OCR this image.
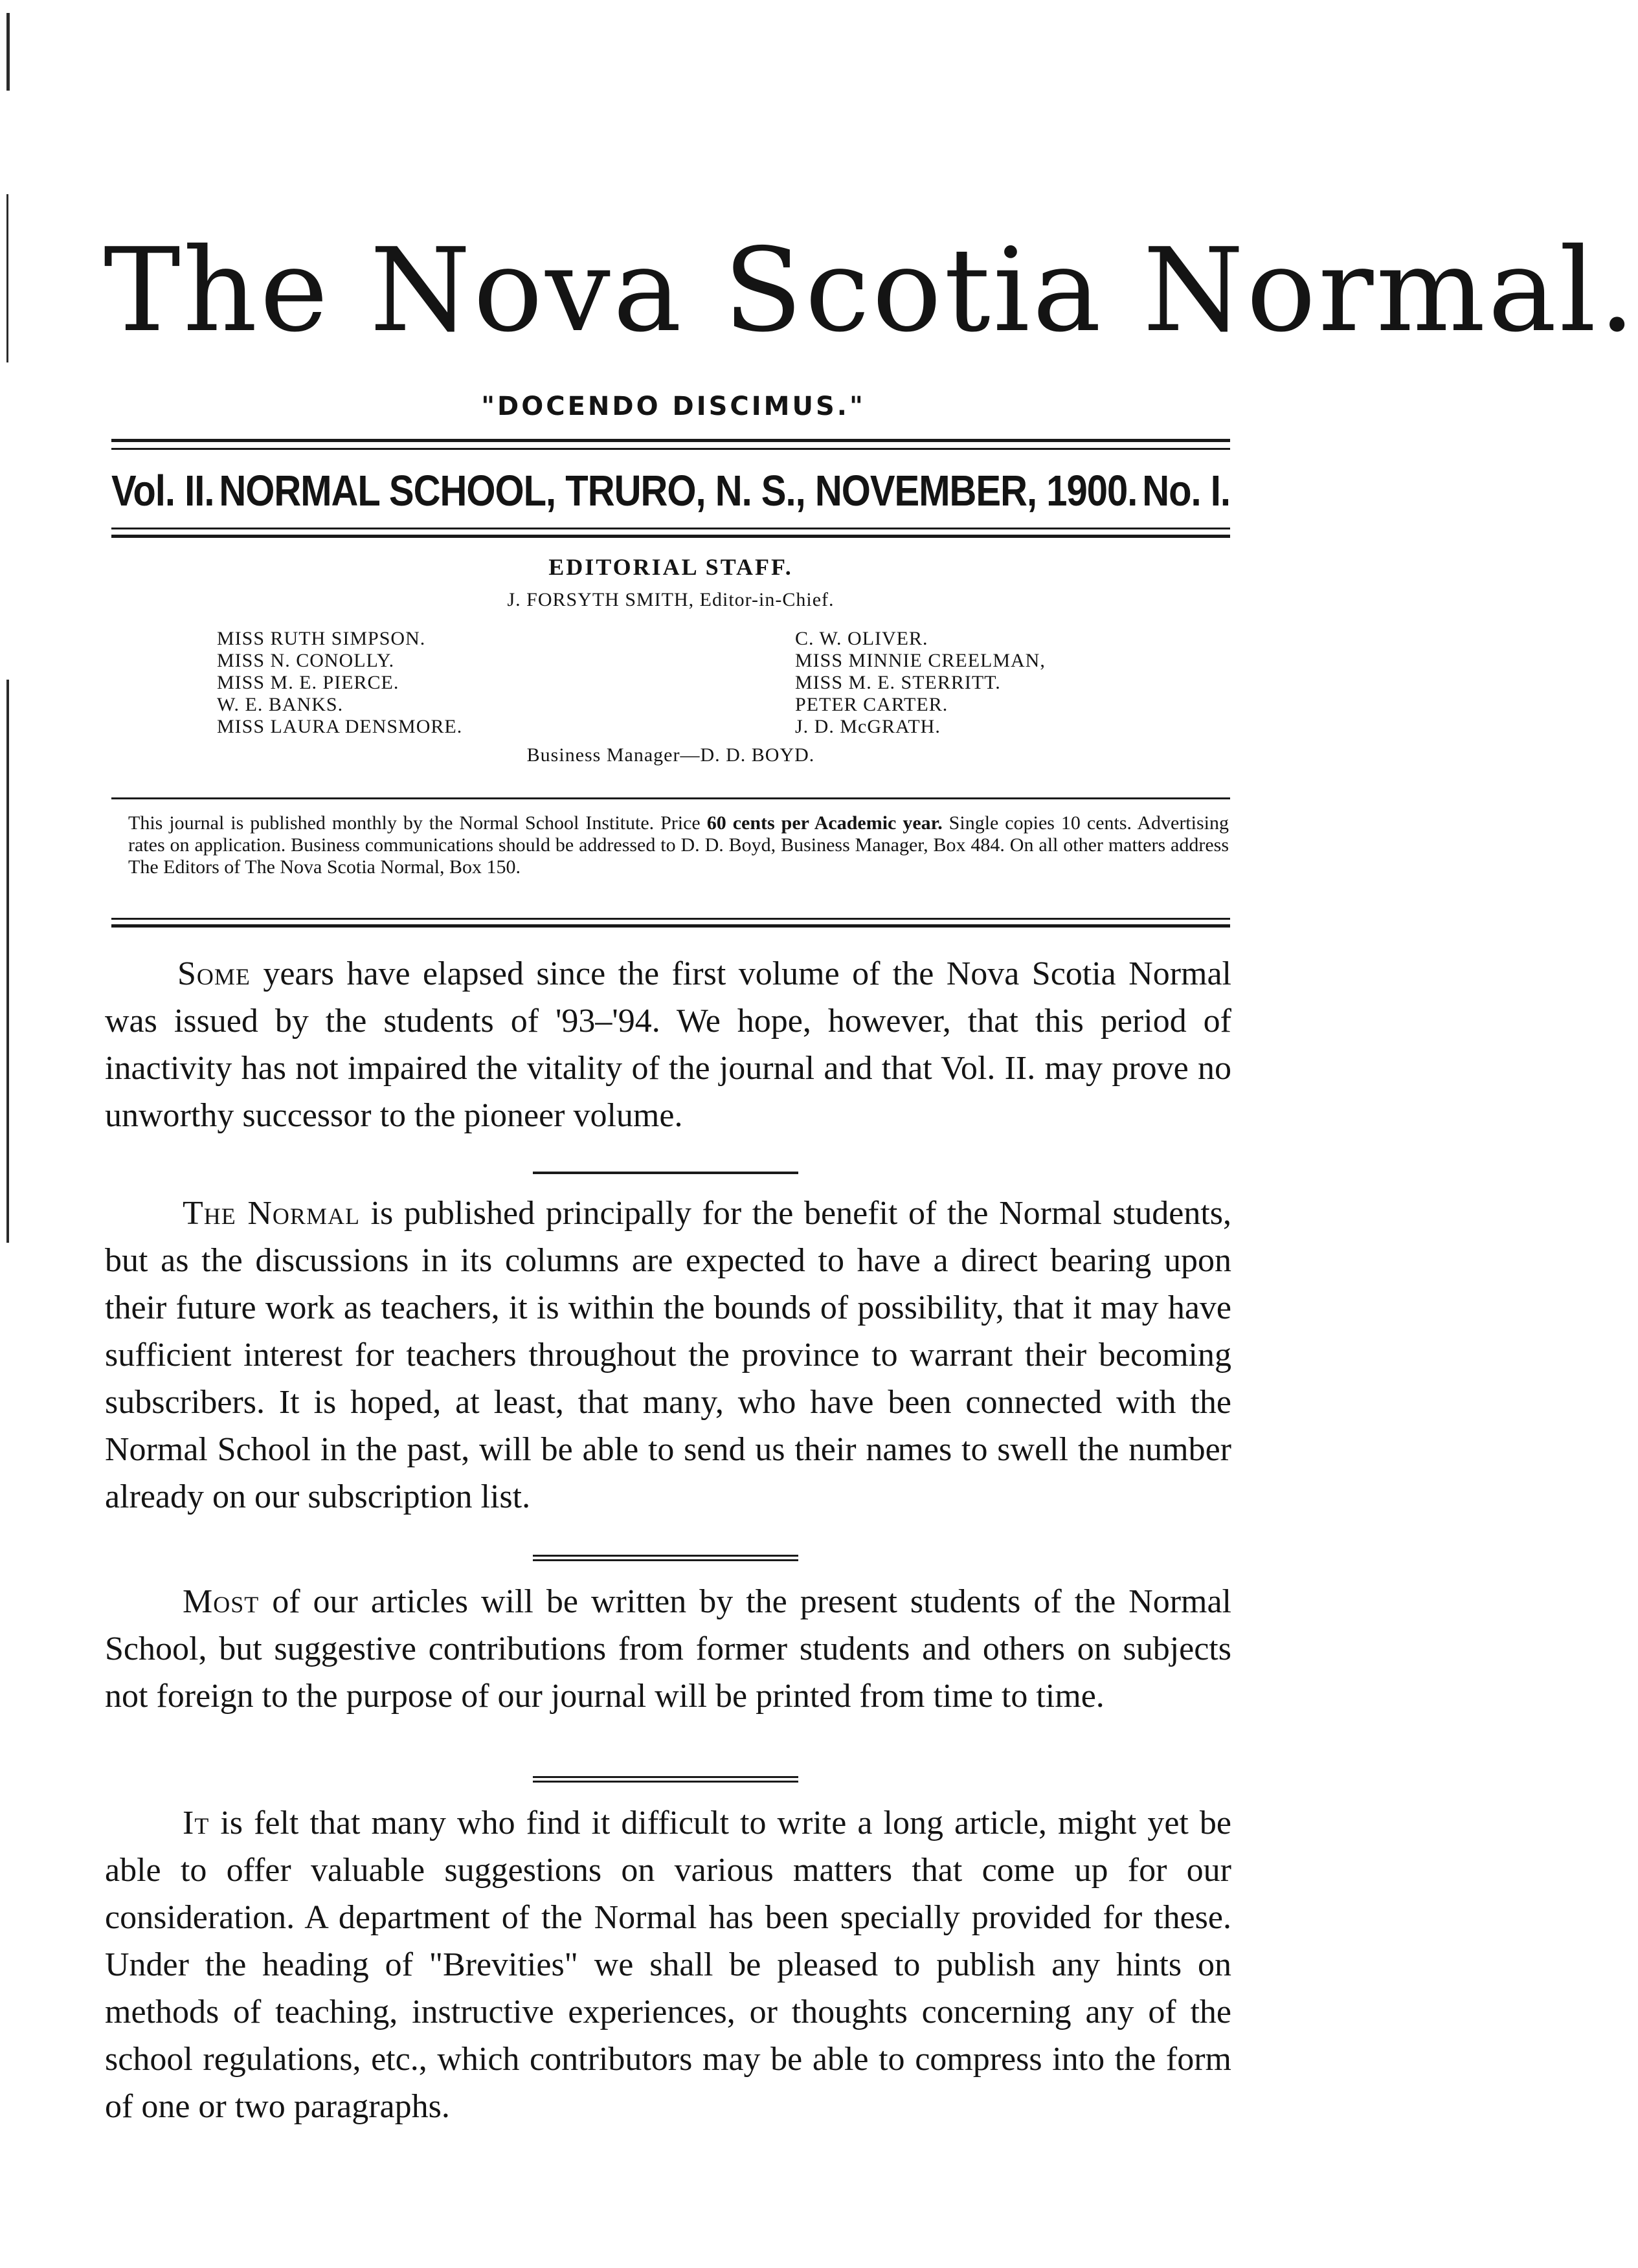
The Nova Scotia Normal.
"DOCENDO DISCIMUS."
Vol. II. NORMAL SCHOOL, TRURO, N. S., NOVEMBER, 1900. No. I.
EDITORIAL STAFF.
J. FORSYTH SMITH, Editor-in-Chief.
MISS RUTH SIMPSON.
MISS N. CONOLLY.
MISS M. E. PIERCE.
W. E. BANKS.
MISS LAURA DENSMORE.
C. W. OLIVER.
MISS MINNIE CREELMAN,
MISS M. E. STERRITT.
PETER CARTER.
J. D. McGRATH.
Business Manager—D. D. BOYD.
This journal is published monthly by the Normal School Institute. Price 60 cents per Academic year. Single copies 10 cents. Advertising rates on application. Business communications should be addressed to D. D. Boyd, Business Manager, Box 484. On all other matters address The Editors of The Nova Scotia Normal, Box 150.
Some years have elapsed since the first volume of the Nova Scotia Normal was issued by the students of '93–'94. We hope, however, that this period of inactivity has not impaired the vitality of the journal and that Vol. II. may prove no unworthy successor to the pioneer volume.
The Normal is published principally for the benefit of the Normal students, but as the discussions in its columns are expected to have a direct bearing upon their future work as teachers, it is within the bounds of possibility, that it may have sufficient interest for teachers throughout the province to warrant their becoming subscribers. It is hoped, at least, that many, who have been connected with the Normal School in the past, will be able to send us their names to swell the number already on our subscription list.
Most of our articles will be written by the present students of the Normal School, but suggestive contributions from former students and others on subjects not foreign to the purpose of our journal will be printed from time to time.
It is felt that many who find it difficult to write a long article, might yet be able to offer valuable suggestions on various matters that come up for our consideration. A department of the Normal has been specially provided for these. Under the heading of "Brevities" we shall be pleased to publish any hints on methods of teaching, instructive experiences, or thoughts concerning any of the school regulations, etc., which contributors may be able to compress into the form of one or two paragraphs.
